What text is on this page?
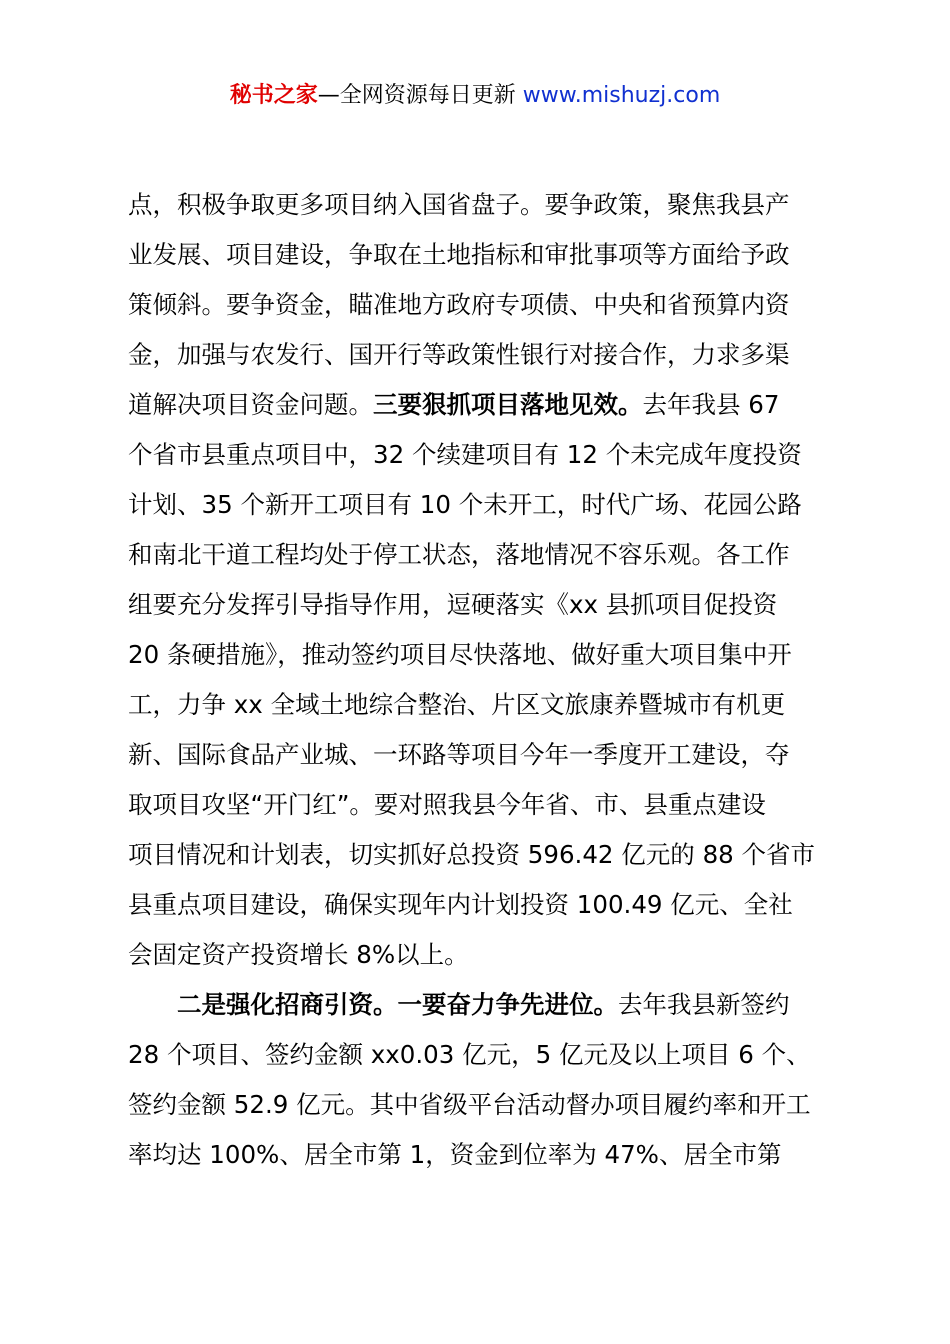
秘书之家—全网资源每日更新 www.mishuzj.com
点，积极争取更多项目纳入国省盘子。要争政策，聚焦我县产
业发展、项目建设，争取在土地指标和审批事项等方面给予政
策倾斜。要争资金，瞄准地方政府专项债、中央和省预算内资
金，加强与农发行、国开行等政策性银行对接合作，力求多渠
道解决项目资金问题。三要狠抓项目落地见效。去年我县 67
个省市县重点项目中，32 个续建项目有 12 个未完成年度投资
计划、35 个新开工项目有 10 个未开工，时代广场、花园公路
和南北干道工程均处于停工状态，落地情况不容乐观。各工作
组要充分发挥引导指导作用，逗硬落实《xx 县抓项目促投资
20 条硬措施》，推动签约项目尽快落地、做好重大项目集中开
工，力争 xx 全域土地综合整治、片区文旅康养暨城市有机更
新、国际食品产业城、一环路等项目今年一季度开工建设，夺
取项目攻坚“开门红”。要对照我县今年省、市、县重点建设
项目情况和计划表，切实抓好总投资 596.42 亿元的 88 个省市
县重点项目建设，确保实现年内计划投资 100.49 亿元、全社
会固定资产投资增长 8%以上。
二是强化招商引资。一要奋力争先进位。去年我县新签约
28 个项目、签约金额 xx0.03 亿元，5 亿元及以上项目 6 个、
签约金额 52.9 亿元。其中省级平台活动督办项目履约率和开工
率均达 100%、居全市第 1，资金到位率为 47%、居全市第
